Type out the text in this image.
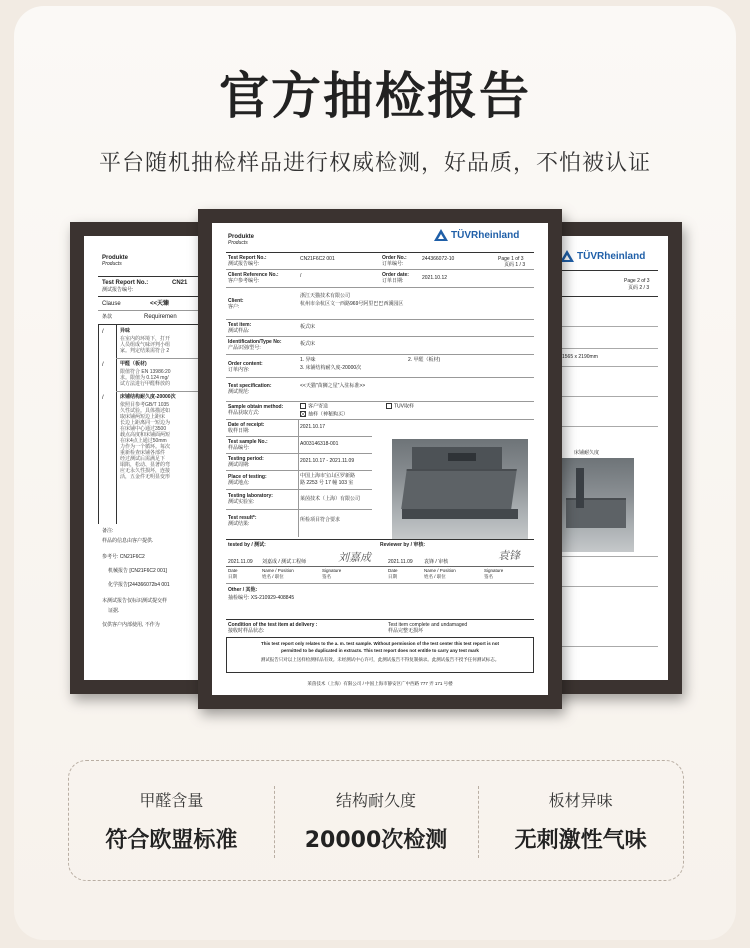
官方抽检报告
平台随机抽检样品进行权威检测，好品质，不怕被认证
Produkte
Products
Test Report No.:	CN21
测试报告编号:
Clause	<<天臻
条款	Requiremen
/	异味
在室内的环境下，打开
人员组成气味评判小组
家。判定结果需符合 2
/	甲醛（板材)
限值符合 EN 13986:20
求。限值为 0.124 mg/
试方法进行甲醛释放的
/	床铺结构耐久度-20000次
依照目参考GB/T 1035
久性试验。具体描述如
取床铺两短边上距床
长边上距离同一短边为
在床铺中心通过3500
载点高度和床铺面两短
在床4点上通过50mm
力作为一个循环。每次
重新检查床铺各部件
经过测试后需满足下
塌陷，松动、显著的弯
应无永久性损坏，连接
活，五金件无明显变形
备注:
样品的信息由客户提供.
参考号: CN21F6C2
机械报告 [CN21F6C2 001]
化学报告[244366072b4 001
本测试报告仅标识测试提交样
证据.
仅供客户内部使用, 不作为
TÜVRheinland
Page 2 of 3
页码 2 / 3
1565 x 2190mm
床铺耐久度
Produkte
Products
TÜVRheinland
Test Report No.:
测试报告编号:
CN21F6C2 001	Order No.:
订单编号:
244366072-10	Page 1 of 3
页码 1 / 3
Client Reference No.:
客户参考编号:
/	Order date:
订单日期:	2021.10.12
Client:
客户:
浙江天猫技术有限公司
杭州市余杭区文一西路969号阿里巴巴西溪园区
Test item:
测试样品:
板式床
Identification/Type No:
产品识别/型号:
板式床
Order content:
订单内容:
1. 异味	2. 甲醛（板材)
3. 床铺结构耐久度-20000次
Test specification:
测试规范:
<<天猫"苗狮之星"入驻标准>>
Sample obtain method:
样品获取方式:
客户寄送
抽样（神秘购买）
TUV取样
Date of receipt:
收样日期:
2021.10.17
Test sample No.:
样品编号:
A003146318-001
Testing period:
测试周期:
2021.10.17 - 2021.11.09
Place of testing:
测试地点:
中国上海市宝山区罗新路
路 2253 号 17 幢 103 室
Testing laboratory:
测试实验室:	莱茵技术（上海）有限公司
Test result*:
测试结果:
所检项目符合要求
tested by / 测试:	Reviewer by / 审核:
刘嘉成	袁锋
2021.11.09 刘嘉成 / 测试工程师	2021.11.09 袁锋 / 审核
Date	Name / Position	Signature	Date	Name / Position	Signature
日期	姓名 / 职位	签名	日期	姓名 / 职位	签名
Other / 其他:
抽检编号: XS-210929-408845
Condition of the test item at delivery :
接收时样品状态:
Test item complete and undamaged
样品完整无损坏
This test report only relates to the a. m. test sample. Without permission of the test center this test report is not
permitted to be duplicated in extracts. This test report does not entitle to carry any test mark
测试报告只对以上送样检测样品有效。未经测试中心许可，此测试报告不得复制摘录。此测试报告不授予任何测试标志。
莱茵技术（上海）有限公司 / 中国上海市静安区广中西路 777 弄 171 号楼
甲醛含量
符合欧盟标准
结构耐久度
20000次检测
板材异味
无刺激性气味
